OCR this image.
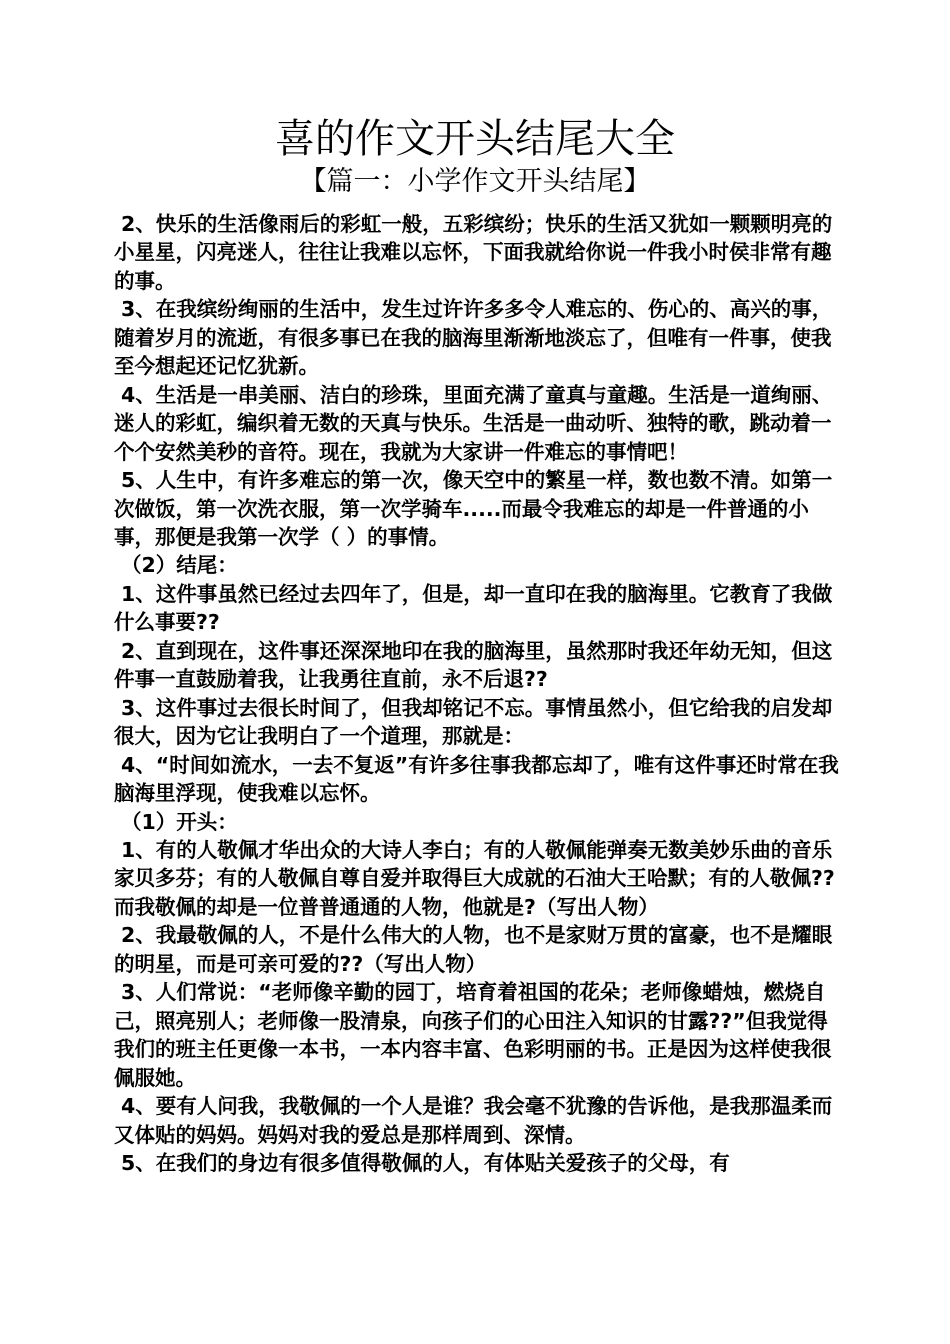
喜的作文开头结尾大全
【篇一：小学作文开头结尾】

2、快乐的生活像雨后的彩虹一般，五彩缤纷；快乐的生活又犹如一颗颗明亮的小星星，闪亮迷人，往往让我难以忘怀，下面我就给你说一件我小时侯非常有趣的事。

3、在我缤纷绚丽的生活中，发生过许许多多令人难忘的、伤心的、高兴的事，随着岁月的流逝，有很多事已在我的脑海里渐渐地淡忘了，但唯有一件事，使我至今想起还记忆犹新。

4、生活是一串美丽、洁白的珍珠，里面充满了童真与童趣。生活是一道绚丽、迷人的彩虹，编织着无数的天真与快乐。生活是一曲动听、独特的歌，跳动着一个个安然美秒的音符。现在，我就为大家讲一件难忘的事情吧！

5、人生中，有许多难忘的第一次，像天空中的繁星一样，数也数不清。如第一次做饭，第一次洗衣服，第一次学骑车.....而最令我难忘的却是一件普通的小事，那便是我第一次学（ ）的事情。

（2）结尾：

1、这件事虽然已经过去四年了，但是，却一直印在我的脑海里。它教育了我做什么事要??

2、直到现在，这件事还深深地印在我的脑海里，虽然那时我还年幼无知，但这件事一直鼓励着我，让我勇往直前，永不后退??

3、这件事过去很长时间了，但我却铭记不忘。事情虽然小，但它给我的启发却很大，因为它让我明白了一个道理，那就是：

4、“时间如流水，一去不复返”有许多往事我都忘却了，唯有这件事还时常在我脑海里浮现，使我难以忘怀。

（1）开头：

1、有的人敬佩才华出众的大诗人李白；有的人敬佩能弹奏无数美妙乐曲的音乐家贝多芬；有的人敬佩自尊自爱并取得巨大成就的石油大王哈默；有的人敬佩??而我敬佩的却是一位普普通通的人物，他就是?（写出人物）

2、我最敬佩的人，不是什么伟大的人物，也不是家财万贯的富豪，也不是耀眼的明星，而是可亲可爱的??（写出人物）

3、人们常说：“老师像辛勤的园丁，培育着祖国的花朵；老师像蜡烛，燃烧自己，照亮别人；老师像一股清泉，向孩子们的心田注入知识的甘露??”但我觉得我们的班主任更像一本书，一本内容丰富、色彩明丽的书。正是因为这样使我很佩服她。

4、要有人问我，我敬佩的一个人是谁？我会毫不犹豫的告诉他，是我那温柔而又体贴的妈妈。妈妈对我的爱总是那样周到、深情。

5、在我们的身边有很多值得敬佩的人，有体贴关爱孩子的父母，有
